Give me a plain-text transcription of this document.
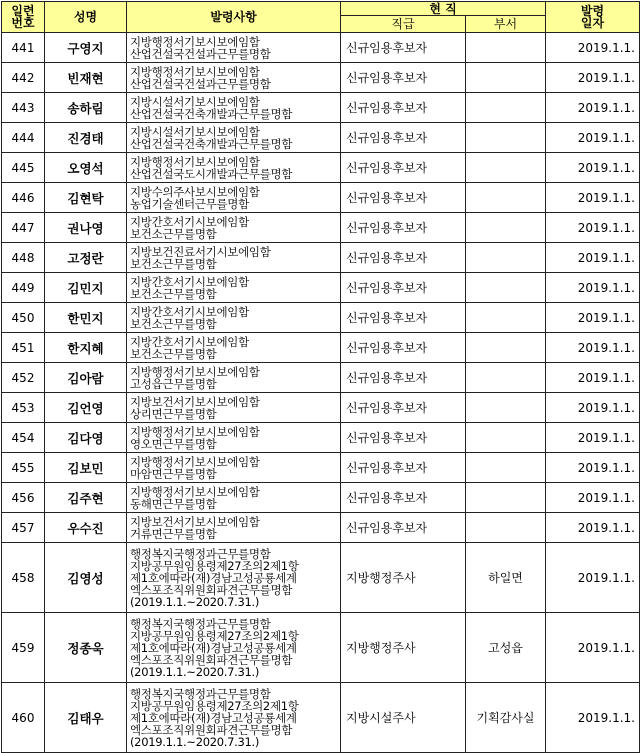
일련
번호	성명	발령사항	현 직		발령
일자
			직급	부서	
441	구영지	지방행정서기보시보에임함
산업건설국건설과근무를명함	신규임용후보자		2019.1.1.
442	빈재현	지방행정서기보시보에임함
산업건설국건설과근무를명함	신규임용후보자		2019.1.1.
443	송하림	지방시설서기보시보에임함
산업건설국건축개발과근무를명함	신규임용후보자		2019.1.1.
444	진경태	지방시설서기보시보에임함
산업건설국건축개발과근무를명함	신규임용후보자		2019.1.1.
445	오영석	지방행정서기보시보에임함
산업건설국도시개발과근무를명함	신규임용후보자		2019.1.1.
446	김현탁	지방수의주사보시보에임함
농업기술센터근무를명함	신규임용후보자		2019.1.1.
447	권나영	지방간호서기시보에임함
보건소근무를명함	신규임용후보자		2019.1.1.
448	고정란	지방보건진료서기시보에임함
보건소근무를명함	신규임용후보자		2019.1.1.
449	김민지	지방간호서기시보에임함
보건소근무를명함	신규임용후보자		2019.1.1.
450	한민지	지방간호서기시보에임함
보건소근무를명함	신규임용후보자		2019.1.1.
451	한지혜	지방간호서기시보에임함
보건소근무를명함	신규임용후보자		2019.1.1.
452	김아람	지방행정서기보시보에임함
고성읍근무를명함	신규임용후보자		2019.1.1.
453	김언영	지방보건서기보시보에임함
상리면근무를명함	신규임용후보자		2019.1.1.
454	김다영	지방행정서기보시보에임함
영오면근무를명함	신규임용후보자		2019.1.1.
455	김보민	지방행정서기보시보에임함
마암면근무를명함	신규임용후보자		2019.1.1.
456	김주현	지방행정서기보시보에임함
동해면근무를명함	신규임용후보자		2019.1.1.
457	우수진	지방보건서기보시보에임함
거류면근무를명함	신규임용후보자		2019.1.1.
458	김영성	행정복지국행정과근무를명함
지방공무원임용령제27조의2제1항
제1호에따라(재)경남고성공룡세계
엑스포조직위원회파견근무를명함
(2019.1.1.~2020.7.31.)	지방행정주사	하일면	2019.1.1.
459	정종욱	행정복지국행정과근무를명함
지방공무원임용령제27조의2제1항
제1호에따라(재)경남고성공룡세계
엑스포조직위원회파견근무를명함
(2019.1.1.~2020.7.31.)	지방행정주사	고성읍	2019.1.1.
460	김태우	행정복지국행정과근무를명함
지방공무원임용령제27조의2제1항
제1호에따라(재)경남고성공룡세계
엑스포조직위원회파견근무를명함
(2019.1.1.~2020.7.31.)	지방시설주사	기획감사실	2019.1.1.
